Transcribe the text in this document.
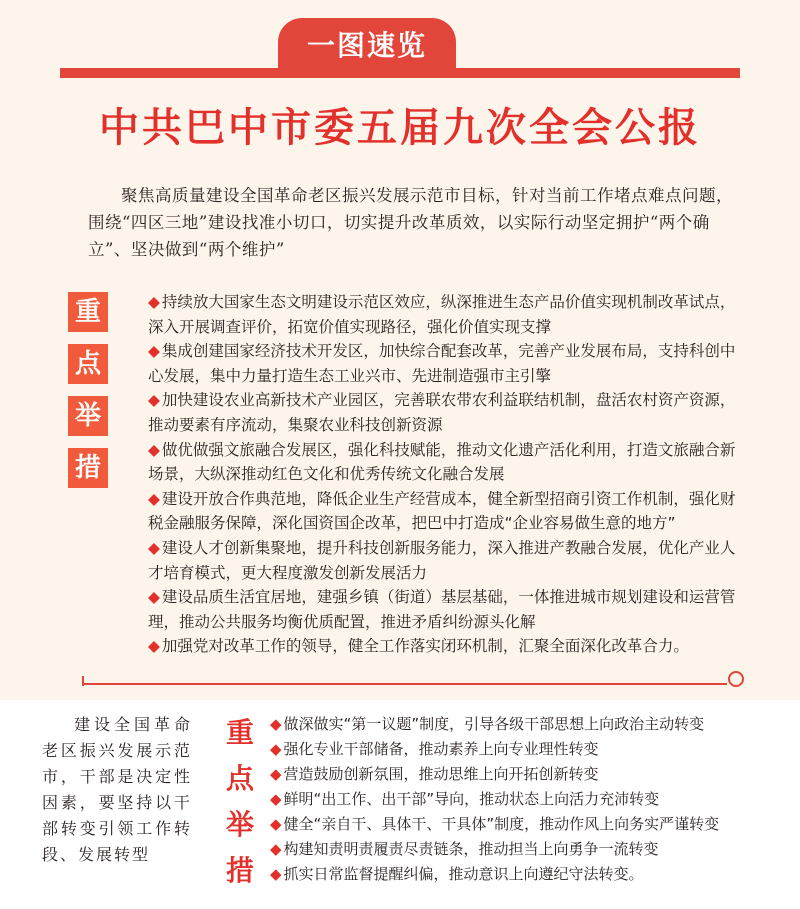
一图速览
中共巴中市委五届九次全会公报
聚焦高质量建设全国革命老区振兴发展示范市目标，针对当前工作堵点难点问题，围绕“四区三地”建设找准小切口，切实提升改革质效，以实际行动坚定拥护“两个确立”、坚决做到“两个维护”
重
点
举
措

◆ 持续放大国家生态文明建设示范区效应，纵深推进生态产品价值实现机制改革试点，深入开展调查评价，拓宽价值实现路径，强化价值实现支撑

◆ 集成创建国家经济技术开发区，加快综合配套改革，完善产业发展布局，支持科创中心发展，集中力量打造生态工业兴市、先进制造强市主引擎

◆ 加快建设农业高新技术产业园区，完善联农带农利益联结机制，盘活农村资产资源，推动要素有序流动，集聚农业科技创新资源

◆ 做优做强文旅融合发展区，强化科技赋能，推动文化遗产活化利用，打造文旅融合新场景，大纵深推动红色文化和优秀传统文化融合发展

◆ 建设开放合作典范地，降低企业生产经营成本，健全新型招商引资工作机制，强化财税金融服务保障，深化国资国企改革，把巴中打造成“企业容易做生意的地方”

◆ 建设人才创新集聚地，提升科技创新服务能力，深入推进产教融合发展，优化产业人才培育模式，更大程度激发创新发展活力

◆ 建设品质生活宜居地，建强乡镇（街道）基层基础，一体推进城市规划建设和运营管理，推动公共服务均衡优质配置，推进矛盾纠纷源头化解

◆ 加强党对改革工作的领导，健全工作落实闭环机制，汇聚全面深化改革合力。

建设全国革命老区振兴发展示范市，干部是决定性因素，要坚持以干部转变引领工作转段、发展转型
重
点
举
措

◆ 做深做实“第一议题”制度，引导各级干部思想上向政治主动转变

◆ 强化专业干部储备，推动素养上向专业理性转变

◆ 营造鼓励创新氛围，推动思维上向开拓创新转变

◆ 鲜明“出工作、出干部”导向，推动状态上向活力充沛转变

◆ 健全“亲自干、具体干、干具体”制度，推动作风上向务实严谨转变

◆ 构建知责明责履责尽责链条，推动担当上向勇争一流转变

◆ 抓实日常监督提醒纠偏，推动意识上向遵纪守法转变。
